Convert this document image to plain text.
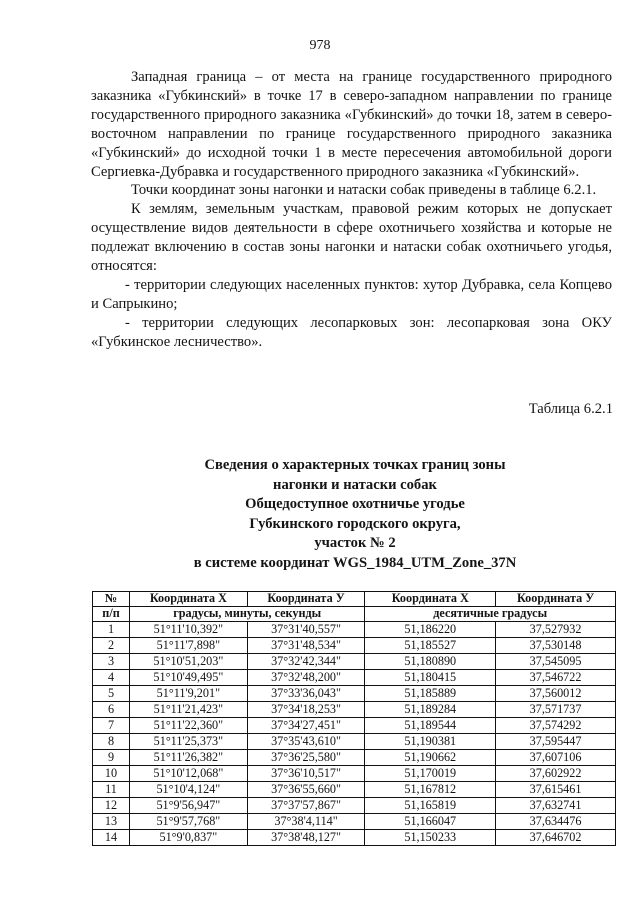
978

Западная граница – от места на границе государственного природного заказника «Губкинский» в точке 17 в северо-западном направлении по границе государственного природного заказника «Губкинский» до точки 18, затем в северо-восточном направлении по границе государственного природного заказника «Губкинский» до исходной точки 1 в месте пересечения автомобильной дороги Сергиевка-Дубравка и государственного природного заказника «Губкинский».

Точки координат зоны нагонки и натаски собак приведены в таблице 6.2.1.

К землям, земельным участкам, правовой режим которых не допускает осуществление видов деятельности в сфере охотничьего хозяйства и которые не подлежат включению в состав зоны нагонки и натаски собак охотничьего угодья, относятся:

- территории следующих населенных пунктов: хутор Дубравка, села Копцево и Сапрыкино;

- территории следующих лесопарковых зон: лесопарковая зона ОКУ «Губкинское лесничество».

Таблица 6.2.1
Сведения о характерных точках границ зоны
нагонки и натаски собак
Общедоступное охотничье угодье
Губкинского городского округа,
участок № 2
в системе координат WGS_1984_UTM_Zone_37N
№	Координата X	Координата У	Координата X	Координата У
п/п	градусы, минуты, секунды		десятичные градусы	
1	51°11'10,392"	37°31'40,557"	51,186220	37,527932
2	51°11'7,898"	37°31'48,534"	51,185527	37,530148
3	51°10'51,203"	37°32'42,344"	51,180890	37,545095
4	51°10'49,495"	37°32'48,200"	51,180415	37,546722
5	51°11'9,201"	37°33'36,043"	51,185889	37,560012
6	51°11'21,423"	37°34'18,253"	51,189284	37,571737
7	51°11'22,360"	37°34'27,451"	51,189544	37,574292
8	51°11'25,373"	37°35'43,610"	51,190381	37,595447
9	51°11'26,382"	37°36'25,580"	51,190662	37,607106
10	51°10'12,068"	37°36'10,517"	51,170019	37,602922
11	51°10'4,124"	37°36'55,660"	51,167812	37,615461
12	51°9'56,947"	37°37'57,867"	51,165819	37,632741
13	51°9'57,768"	37°38'4,114"	51,166047	37,634476
14	51°9'0,837"	37°38'48,127"	51,150233	37,646702
